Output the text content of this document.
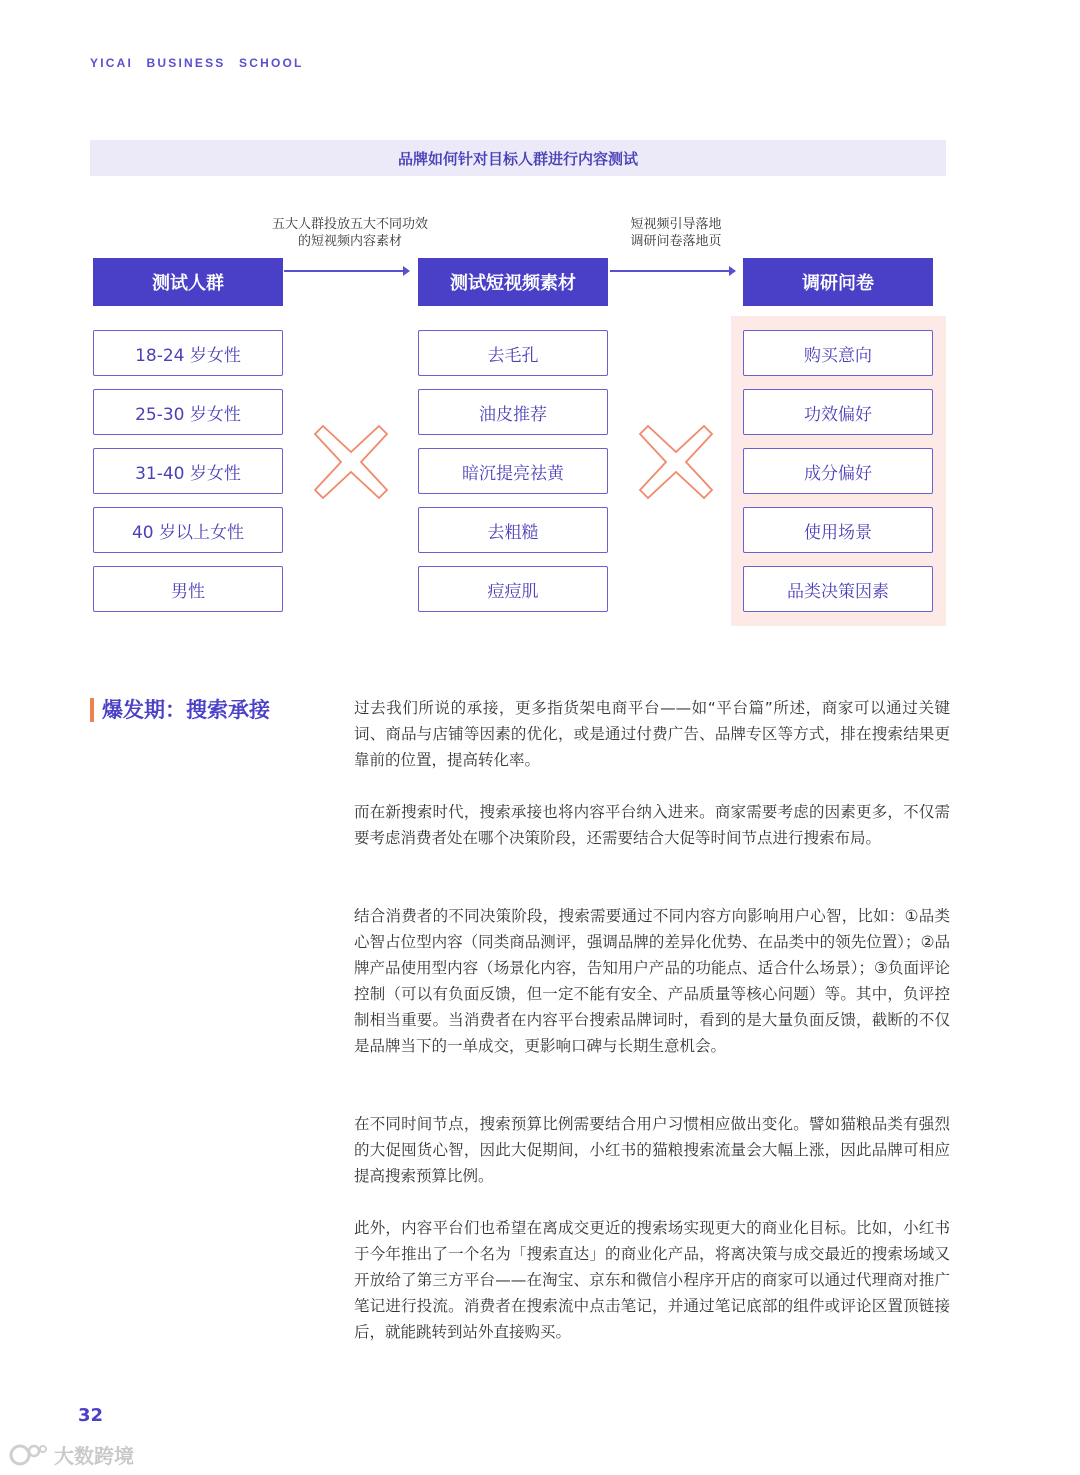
YICAI BUSINESS SCHOOL
品牌如何针对目标人群进行内容测试
五大人群投放五大不同功效
的短视频内容素材
短视频引导落地
调研问卷落地页
测试人群	测试短视频素材	调研问卷
18-24 岁女性
25-30 岁女性
31-40 岁女性
40 岁以上女性
男性
去毛孔
油皮推荐
暗沉提亮祛黄
去粗糙
痘痘肌
购买意向
功效偏好
成分偏好
使用场景
品类决策因素
爆发期：搜索承接	过去我们所说的承接，更多指货架电商平台——如“平台篇”所述，商家可以通过关键词、商品与店铺等因素的优化，或是通过付费广告、品牌专区等方式，排在搜索结果更靠前的位置，提高转化率。

而在新搜索时代，搜索承接也将内容平台纳入进来。商家需要考虑的因素更多，不仅需要考虑消费者处在哪个决策阶段，还需要结合大促等时间节点进行搜索布局。

结合消费者的不同决策阶段，搜索需要通过不同内容方向影响用户心智，比如：①品类心智占位型内容（同类商品测评，强调品牌的差异化优势、在品类中的领先位置）；②品牌产品使用型内容（场景化内容，告知用户产品的功能点、适合什么场景）；③负面评论控制（可以有负面反馈，但一定不能有安全、产品质量等核心问题）等。其中，负评控制相当重要。当消费者在内容平台搜索品牌词时，看到的是大量负面反馈，截断的不仅是品牌当下的一单成交，更影响口碑与长期生意机会。

在不同时间节点，搜索预算比例需要结合用户习惯相应做出变化。譬如猫粮品类有强烈的大促囤货心智，因此大促期间，小红书的猫粮搜索流量会大幅上涨，因此品牌可相应提高搜索预算比例。

此外，内容平台们也希望在离成交更近的搜索场实现更大的商业化目标。比如，小红书于今年推出了一个名为「搜索直达」的商业化产品，将离决策与成交最近的搜索场域又开放给了第三方平台——在淘宝、京东和微信小程序开店的商家可以通过代理商对推广笔记进行投流。消费者在搜索流中点击笔记，并通过笔记底部的组件或评论区置顶链接后，就能跳转到站外直接购买。

32
大数跨境
